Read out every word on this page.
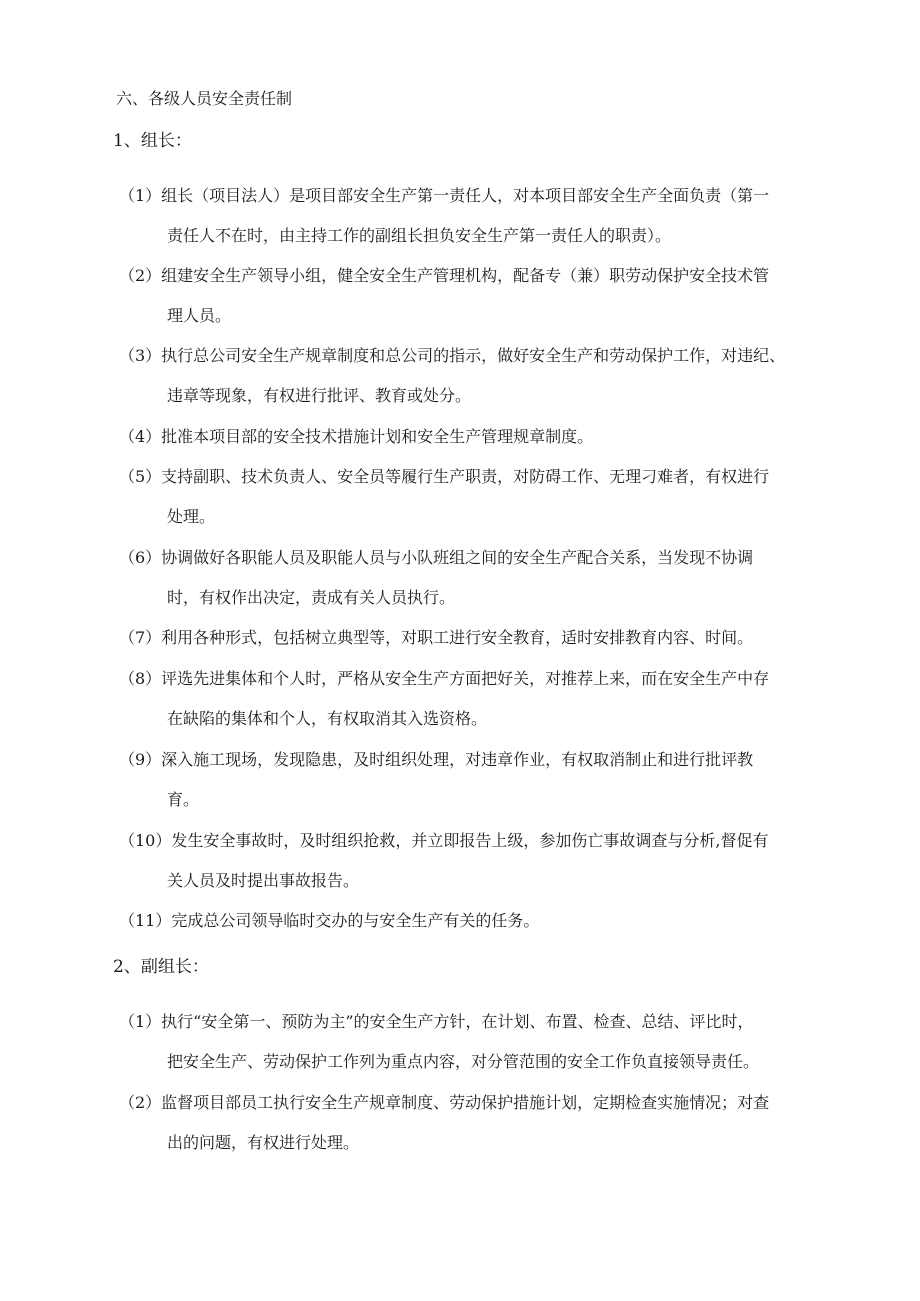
六、各级人员安全责任制
1、组长：
（1）组长（项目法人）是项目部安全生产第一责任人，对本项目部安全生产全面负责（第一
责任人不在时，由主持工作的副组长担负安全生产第一责任人的职责）。
（2）组建安全生产领导小组，健全安全生产管理机构，配备专（兼）职劳动保护安全技术管
理人员。
（3）执行总公司安全生产规章制度和总公司的指示，做好安全生产和劳动保护工作，对违纪、
违章等现象，有权进行批评、教育或处分。
（4）批准本项目部的安全技术措施计划和安全生产管理规章制度。
（5）支持副职、技术负责人、安全员等履行生产职责，对防碍工作、无理刁难者，有权进行
处理。
（6）协调做好各职能人员及职能人员与小队班组之间的安全生产配合关系，当发现不协调
时，有权作出决定，责成有关人员执行。
（7）利用各种形式，包括树立典型等，对职工进行安全教育，适时安排教育内容、时间。
（8）评选先进集体和个人时，严格从安全生产方面把好关，对推荐上来，而在安全生产中存
在缺陷的集体和个人，有权取消其入选资格。
（9）深入施工现场，发现隐患，及时组织处理，对违章作业，有权取消制止和进行批评教
育。
（10）发生安全事故时，及时组织抢救，并立即报告上级，参加伤亡事故调查与分析,督促有
关人员及时提出事故报告。
（11）完成总公司领导临时交办的与安全生产有关的任务。
2、副组长：
（1）执行“安全第一、预防为主”的安全生产方针，在计划、布置、检查、总结、评比时，
把安全生产、劳动保护工作列为重点内容，对分管范围的安全工作负直接领导责任。
（2）监督项目部员工执行安全生产规章制度、劳动保护措施计划，定期检查实施情况；对查
出的问题，有权进行处理。
